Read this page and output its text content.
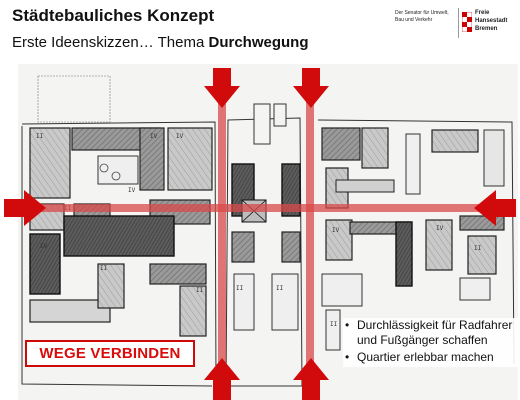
Städtebauliches Konzept
Erste Ideenskizzen… Thema Durchwegung
Der Senator für Umwelt, Bau und Verkehr
Freie
Hansestadt
Bremen
II	IV	IV
IV
IV
II
II	II	II
IV	IV
II
II
WEGE VERBINDEN
• Durchlässigkeit für Radfahrer und Fußgänger schaffen
• Quartier erlebbar machen
